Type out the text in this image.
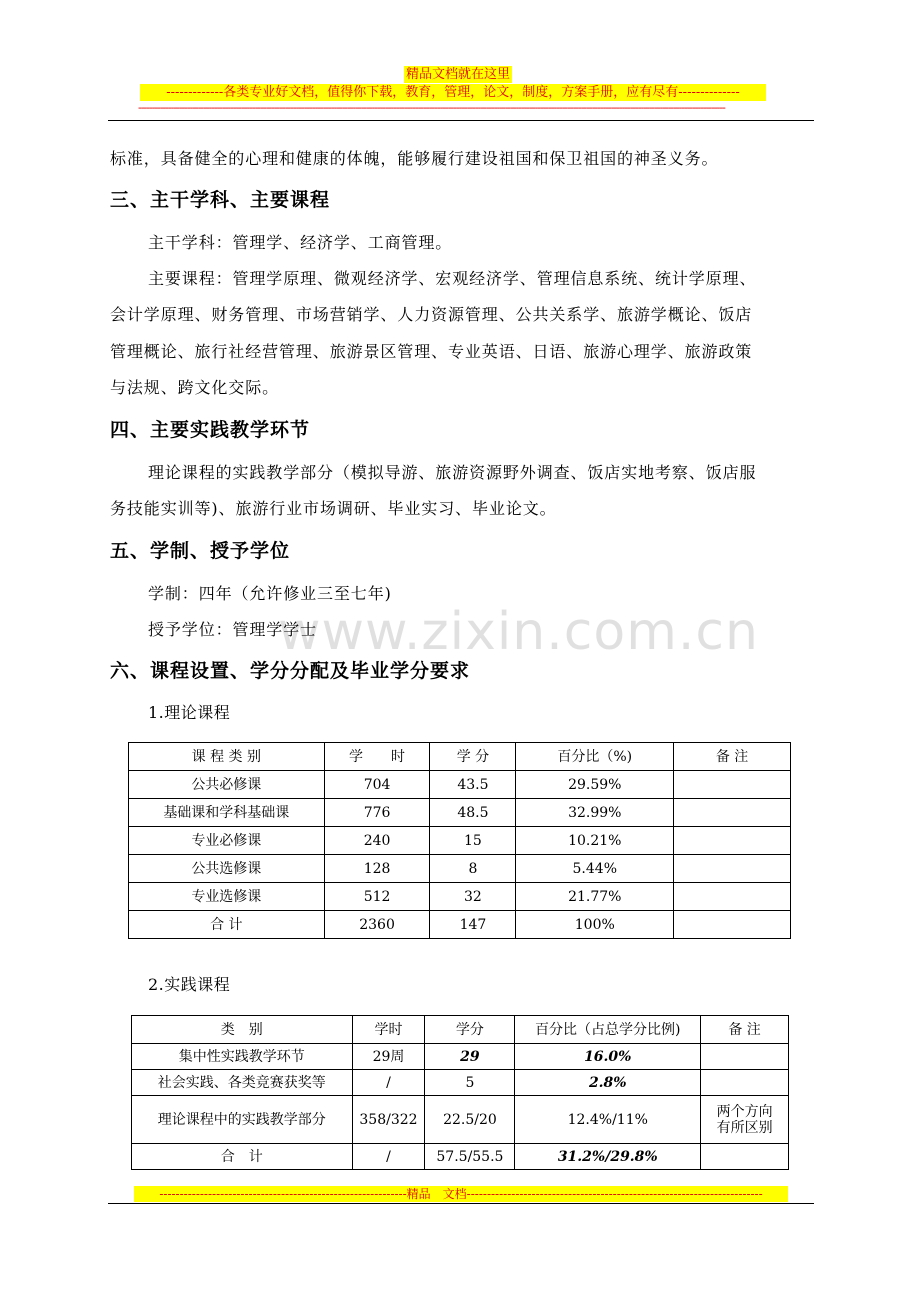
精品文档就在这里
-------------各类专业好文档，值得你下载，教育，管理，论文，制度，方案手册，应有尽有--------------
------------------------------------------------------------------------------------------------------------------------------------------------------------------------------------------------------------------------
www.zixin.com.cn
标准，具备健全的心理和健康的体魄，能够履行建设祖国和保卫祖国的神圣义务。
三、主干学科、主要课程
主干学科：管理学、经济学、工商管理。
主要课程：管理学原理、微观经济学、宏观经济学、管理信息系统、统计学原理、
会计学原理、财务管理、市场营销学、人力资源管理、公共关系学、旅游学概论、饭店
管理概论、旅行社经营管理、旅游景区管理、专业英语、日语、旅游心理学、旅游政策
与法规、跨文化交际。
四、主要实践教学环节
理论课程的实践教学部分（模拟导游、旅游资源野外调查、饭店实地考察、饭店服
务技能实训等)、旅游行业市场调研、毕业实习、毕业论文。
五、学制、授予学位
学制：四年（允许修业三至七年)
授予学位：管理学学士
六、课程设置、学分分配及毕业学分要求
1.理论课程
课 程 类 别	学　　时	学 分	百分比（%)	备 注
公共必修课	704	43.5	29.59%	
基础课和学科基础课	776	48.5	32.99%	
专业必修课	240	15	10.21%	
公共选修课	128	8	5.44%	
专业选修课	512	32	21.77%	
合 计	2360	147	100%	
2.实践课程
类　别	学时	学分	百分比（占总学分比例)	备 注
集中性实践教学环节	29周	29	16.0%	
社会实践、各类竞赛获奖等	/	5	2.8%	
理论课程中的实践教学部分	358/322	22.5/20	12.4%/11%	两个方向
有所区别
合　计	/	57.5/55.5	31.2%/29.8%	
-------------------------------------------------------------精品　文档-------------------------------------------------------------------------
